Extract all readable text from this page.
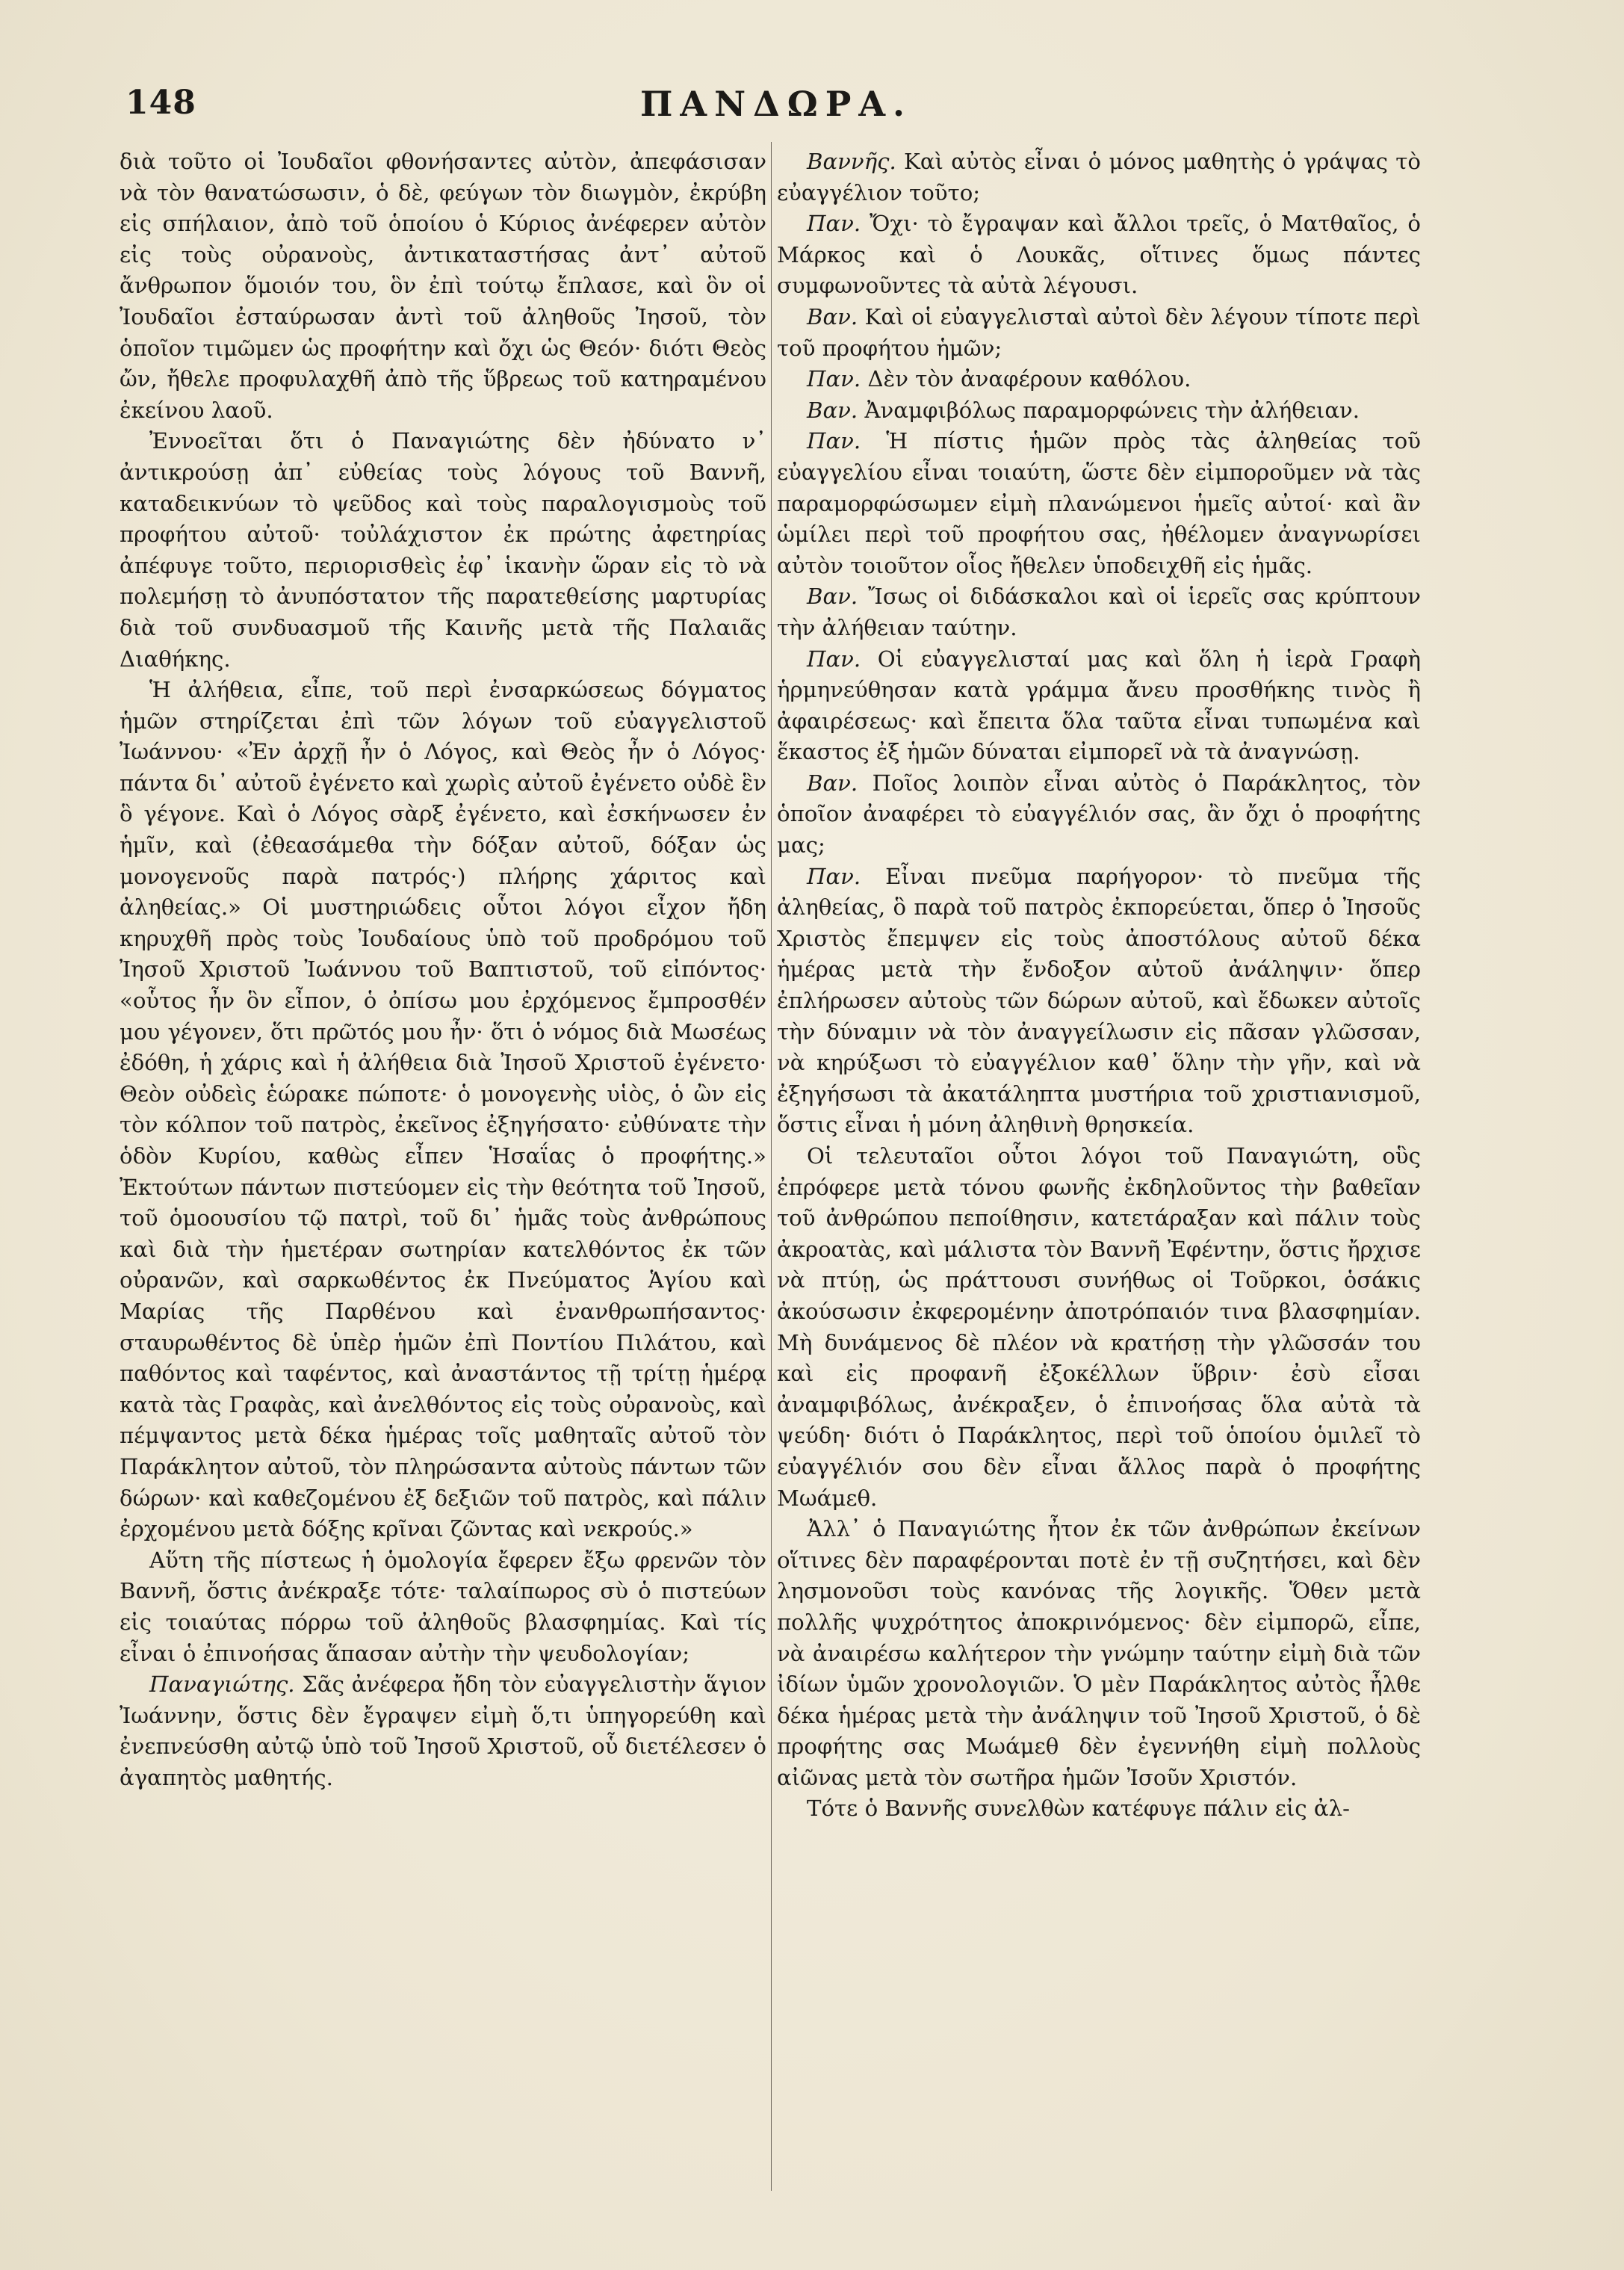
148	ΠΑΝΔΩΡΑ.

διὰ τοῦτο οἱ Ἰουδαῖοι φθονήσαντες αὐτὸν, ἀπεφάσισαν νὰ τὸν θανατώσωσιν, ὁ δὲ, φεύγων τὸν διωγμὸν, ἐκρύβη εἰς σπήλαιον, ἀπὸ τοῦ ὁποίου ὁ Κύριος ἀνέφερεν αὐτὸν εἰς τοὺς οὐρανοὺς, ἀντικαταστήσας ἀντ᾽ αὐτοῦ ἄνθρωπον ὅμοιόν του, ὃν ἐπὶ τούτῳ ἔπλασε, καὶ ὃν οἱ Ἰουδαῖοι ἐσταύρωσαν ἀντὶ τοῦ ἀληθοῦς Ἰησοῦ, τὸν ὁποῖον τιμῶμεν ὡς προφήτην καὶ ὄχι ὡς Θεόν· διότι Θεὸς ὤν, ἤθελε προφυλαχθῆ ἀπὸ τῆς ὕβρεως τοῦ κατηραμένου ἐκείνου λαοῦ.

Ἐννοεῖται ὅτι ὁ Παναγιώτης δὲν ἠδύνατο ν᾽ ἀντικρούσῃ ἀπ᾽ εὐθείας τοὺς λόγους τοῦ Βαννῆ, καταδεικνύων τὸ ψεῦδος καὶ τοὺς παραλογισμοὺς τοῦ προφήτου αὐτοῦ· τοὐλάχιστον ἐκ πρώτης ἀφετηρίας ἀπέφυγε τοῦτο, περιορισθεὶς ἐφ᾽ ἱκανὴν ὥραν εἰς τὸ νὰ πολεμήσῃ τὸ ἀνυπόστατον τῆς παρατεθείσης μαρτυρίας διὰ τοῦ συνδυασμοῦ τῆς Καινῆς μετὰ τῆς Παλαιᾶς Διαθήκης.

Ἡ ἀλήθεια, εἶπε, τοῦ περὶ ἐνσαρκώσεως δόγματος ἡμῶν στηρίζεται ἐπὶ τῶν λόγων τοῦ εὐαγγελιστοῦ Ἰωάννου· «Ἐν ἀρχῇ ἦν ὁ Λόγος, καὶ Θεὸς ἦν ὁ Λόγος· πάντα δι᾽ αὐτοῦ ἐγένετο καὶ χωρὶς αὐτοῦ ἐγένετο οὐδὲ ἓν ὃ γέγονε. Καὶ ὁ Λόγος σὰρξ ἐγένετο, καὶ ἐσκήνωσεν ἐν ἡμῖν, καὶ (ἐθεασάμεθα τὴν δόξαν αὐτοῦ, δόξαν ὡς μονογενοῦς παρὰ πατρός·) πλήρης χάριτος καὶ ἀληθείας.» Οἱ μυστηριώδεις οὗτοι λόγοι εἶχον ἤδη κηρυχθῆ πρὸς τοὺς Ἰουδαίους ὑπὸ τοῦ προδρόμου τοῦ Ἰησοῦ Χριστοῦ Ἰωάννου τοῦ Βαπτιστοῦ, τοῦ εἰπόντος· «οὗτος ἦν ὃν εἶπον, ὁ ὀπίσω μου ἐρχόμενος ἔμπροσθέν μου γέγονεν, ὅτι πρῶτός μου ἦν· ὅτι ὁ νόμος διὰ Μωσέως ἐδόθη, ἡ χάρις καὶ ἡ ἀλήθεια διὰ Ἰησοῦ Χριστοῦ ἐγένετο· Θεὸν οὐδεὶς ἑώρακε πώποτε· ὁ μονογενὴς υἱὸς, ὁ ὢν εἰς τὸν κόλπον τοῦ πατρὸς, ἐκεῖνος ἐξηγήσατο· εὐθύνατε τὴν ὁδὸν Κυρίου, καθὼς εἶπεν Ἡσαΐας ὁ προφήτης.» Ἐκτούτων πάντων πιστεύομεν εἰς τὴν θεότητα τοῦ Ἰησοῦ, τοῦ ὁμοουσίου τῷ πατρὶ, τοῦ δι᾽ ἡμᾶς τοὺς ἀνθρώπους καὶ διὰ τὴν ἡμετέραν σωτηρίαν κατελθόντος ἐκ τῶν οὐρανῶν, καὶ σαρκωθέντος ἐκ Πνεύματος Ἁγίου καὶ Μαρίας τῆς Παρθένου καὶ ἐνανθρωπήσαντος· σταυρωθέντος δὲ ὑπὲρ ἡμῶν ἐπὶ Ποντίου Πιλάτου, καὶ παθόντος καὶ ταφέντος, καὶ ἀναστάντος τῇ τρίτῃ ἡμέρᾳ κατὰ τὰς Γραφὰς, καὶ ἀνελθόντος εἰς τοὺς οὐρανοὺς, καὶ πέμψαντος μετὰ δέκα ἡμέρας τοῖς μαθηταῖς αὐτοῦ τὸν Παράκλητον αὐτοῦ, τὸν πληρώσαντα αὐτοὺς πάντων τῶν δώρων· καὶ καθεζομένου ἐξ δεξιῶν τοῦ πατρὸς, καὶ πάλιν ἐρχομένου μετὰ δόξης κρῖναι ζῶντας καὶ νεκρούς.»

Αὕτη τῆς πίστεως ἡ ὁμολογία ἔφερεν ἔξω φρενῶν τὸν Βαννῆ, ὅστις ἀνέκραξε τότε· ταλαίπωρος σὺ ὁ πιστεύων εἰς τοιαύτας πόρρω τοῦ ἀληθοῦς βλασφημίας. Καὶ τίς εἶναι ὁ ἐπινοήσας ἅπασαν αὐτὴν τὴν ψευδολογίαν;

Παναγιώτης. Σᾶς ἀνέφερα ἤδη τὸν εὐαγγελιστὴν ἅγιον Ἰωάννην, ὅστις δὲν ἔγραψεν εἰμὴ ὅ,τι ὑπηγορεύθη καὶ ἐνεπνεύσθη αὐτῷ ὑπὸ τοῦ Ἰησοῦ Χριστοῦ, οὗ διετέλεσεν ὁ ἀγαπητὸς μαθητής.

Βαννῆς. Καὶ αὐτὸς εἶναι ὁ μόνος μαθητὴς ὁ γράψας τὸ εὐαγγέλιον τοῦτο;

Παν. Ὄχι· τὸ ἔγραψαν καὶ ἄλλοι τρεῖς, ὁ Ματθαῖος, ὁ Μάρκος καὶ ὁ Λουκᾶς, οἵτινες ὅμως πάντες συμφωνοῦντες τὰ αὐτὰ λέγουσι.

Βαν. Καὶ οἱ εὐαγγελισταὶ αὐτοὶ δὲν λέγουν τίποτε περὶ τοῦ προφήτου ἡμῶν;

Παν. Δὲν τὸν ἀναφέρουν καθόλου.

Βαν. Ἀναμφιβόλως παραμορφώνεις τὴν ἀλήθειαν.

Παν. Ἡ πίστις ἡμῶν πρὸς τὰς ἀληθείας τοῦ εὐαγγελίου εἶναι τοιαύτη, ὥστε δὲν εἰμποροῦμεν νὰ τὰς παραμορφώσωμεν εἰμὴ πλανώμενοι ἡμεῖς αὐτοί· καὶ ἂν ὡμίλει περὶ τοῦ προφήτου σας, ἠθέλομεν ἀναγνωρίσει αὐτὸν τοιοῦτον οἷος ἤθελεν ὑποδειχθῆ εἰς ἡμᾶς.

Βαν. Ἴσως οἱ διδάσκαλοι καὶ οἱ ἱερεῖς σας κρύπτουν τὴν ἀλήθειαν ταύτην.

Παν. Οἱ εὐαγγελισταί μας καὶ ὅλη ἡ ἱερὰ Γραφὴ ἡρμηνεύθησαν κατὰ γράμμα ἄνευ προσθήκης τινὸς ἢ ἀφαιρέσεως· καὶ ἔπειτα ὅλα ταῦτα εἶναι τυπωμένα καὶ ἕκαστος ἐξ ἡμῶν δύναται εἰμπορεῖ νὰ τὰ ἀναγνώσῃ.

Βαν. Ποῖος λοιπὸν εἶναι αὐτὸς ὁ Παράκλητος, τὸν ὁποῖον ἀναφέρει τὸ εὐαγγέλιόν σας, ἂν ὄχι ὁ προφήτης μας;

Παν. Εἶναι πνεῦμα παρήγορον· τὸ πνεῦμα τῆς ἀληθείας, ὃ παρὰ τοῦ πατρὸς ἐκπορεύεται, ὅπερ ὁ Ἰησοῦς Χριστὸς ἔπεμψεν εἰς τοὺς ἀποστόλους αὐτοῦ δέκα ἡμέρας μετὰ τὴν ἔνδοξον αὐτοῦ ἀνάληψιν· ὅπερ ἐπλήρωσεν αὐτοὺς τῶν δώρων αὐτοῦ, καὶ ἔδωκεν αὐτοῖς τὴν δύναμιν νὰ τὸν ἀναγγείλωσιν εἰς πᾶσαν γλῶσσαν, νὰ κηρύξωσι τὸ εὐαγγέλιον καθ᾽ ὅλην τὴν γῆν, καὶ νὰ ἐξηγήσωσι τὰ ἀκατάληπτα μυστήρια τοῦ χριστιανισμοῦ, ὅστις εἶναι ἡ μόνη ἀληθινὴ θρησκεία.

Οἱ τελευταῖοι οὗτοι λόγοι τοῦ Παναγιώτη, οὓς ἐπρόφερε μετὰ τόνου φωνῆς ἐκδηλοῦντος τὴν βαθεῖαν τοῦ ἀνθρώπου πεποίθησιν, κατετάραξαν καὶ πάλιν τοὺς ἀκροατὰς, καὶ μάλιστα τὸν Βαννῆ Ἐφέντην, ὅστις ἤρχισε νὰ πτύῃ, ὡς πράττουσι συνήθως οἱ Τοῦρκοι, ὁσάκις ἀκούσωσιν ἐκφερομένην ἀποτρόπαιόν τινα βλασφημίαν. Μὴ δυνάμενος δὲ πλέον νὰ κρατήσῃ τὴν γλῶσσάν του καὶ εἰς προφανῆ ἐξοκέλλων ὕβριν· ἐσὺ εἶσαι ἀναμφιβόλως, ἀνέκραξεν, ὁ ἐπινοήσας ὅλα αὐτὰ τὰ ψεύδη· διότι ὁ Παράκλητος, περὶ τοῦ ὁποίου ὁμιλεῖ τὸ εὐαγγέλιόν σου δὲν εἶναι ἄλλος παρὰ ὁ προφήτης Μωάμεθ.

Ἀλλ᾽ ὁ Παναγιώτης ἦτον ἐκ τῶν ἀνθρώπων ἐκείνων οἵτινες δὲν παραφέρονται ποτὲ ἐν τῇ συζητήσει, καὶ δὲν λησμονοῦσι τοὺς κανόνας τῆς λογικῆς. Ὅθεν μετὰ πολλῆς ψυχρότητος ἀποκρινόμενος· δὲν εἰμπορῶ, εἶπε, νὰ ἀναιρέσω καλήτερον τὴν γνώμην ταύτην εἰμὴ διὰ τῶν ἰδίων ὑμῶν χρονολογιῶν. Ὁ μὲν Παράκλητος αὐτὸς ἦλθε δέκα ἡμέρας μετὰ τὴν ἀνάληψιν τοῦ Ἰησοῦ Χριστοῦ, ὁ δὲ προφήτης σας Μωάμεθ δὲν ἐγεννήθη εἰμὴ πολλοὺς αἰῶνας μετὰ τὸν σωτῆρα ἡμῶν Ἰσοῦν Χριστόν.

Τότε ὁ Βαννῆς συνελθὼν κατέφυγε πάλιν εἰς ἀλ-
